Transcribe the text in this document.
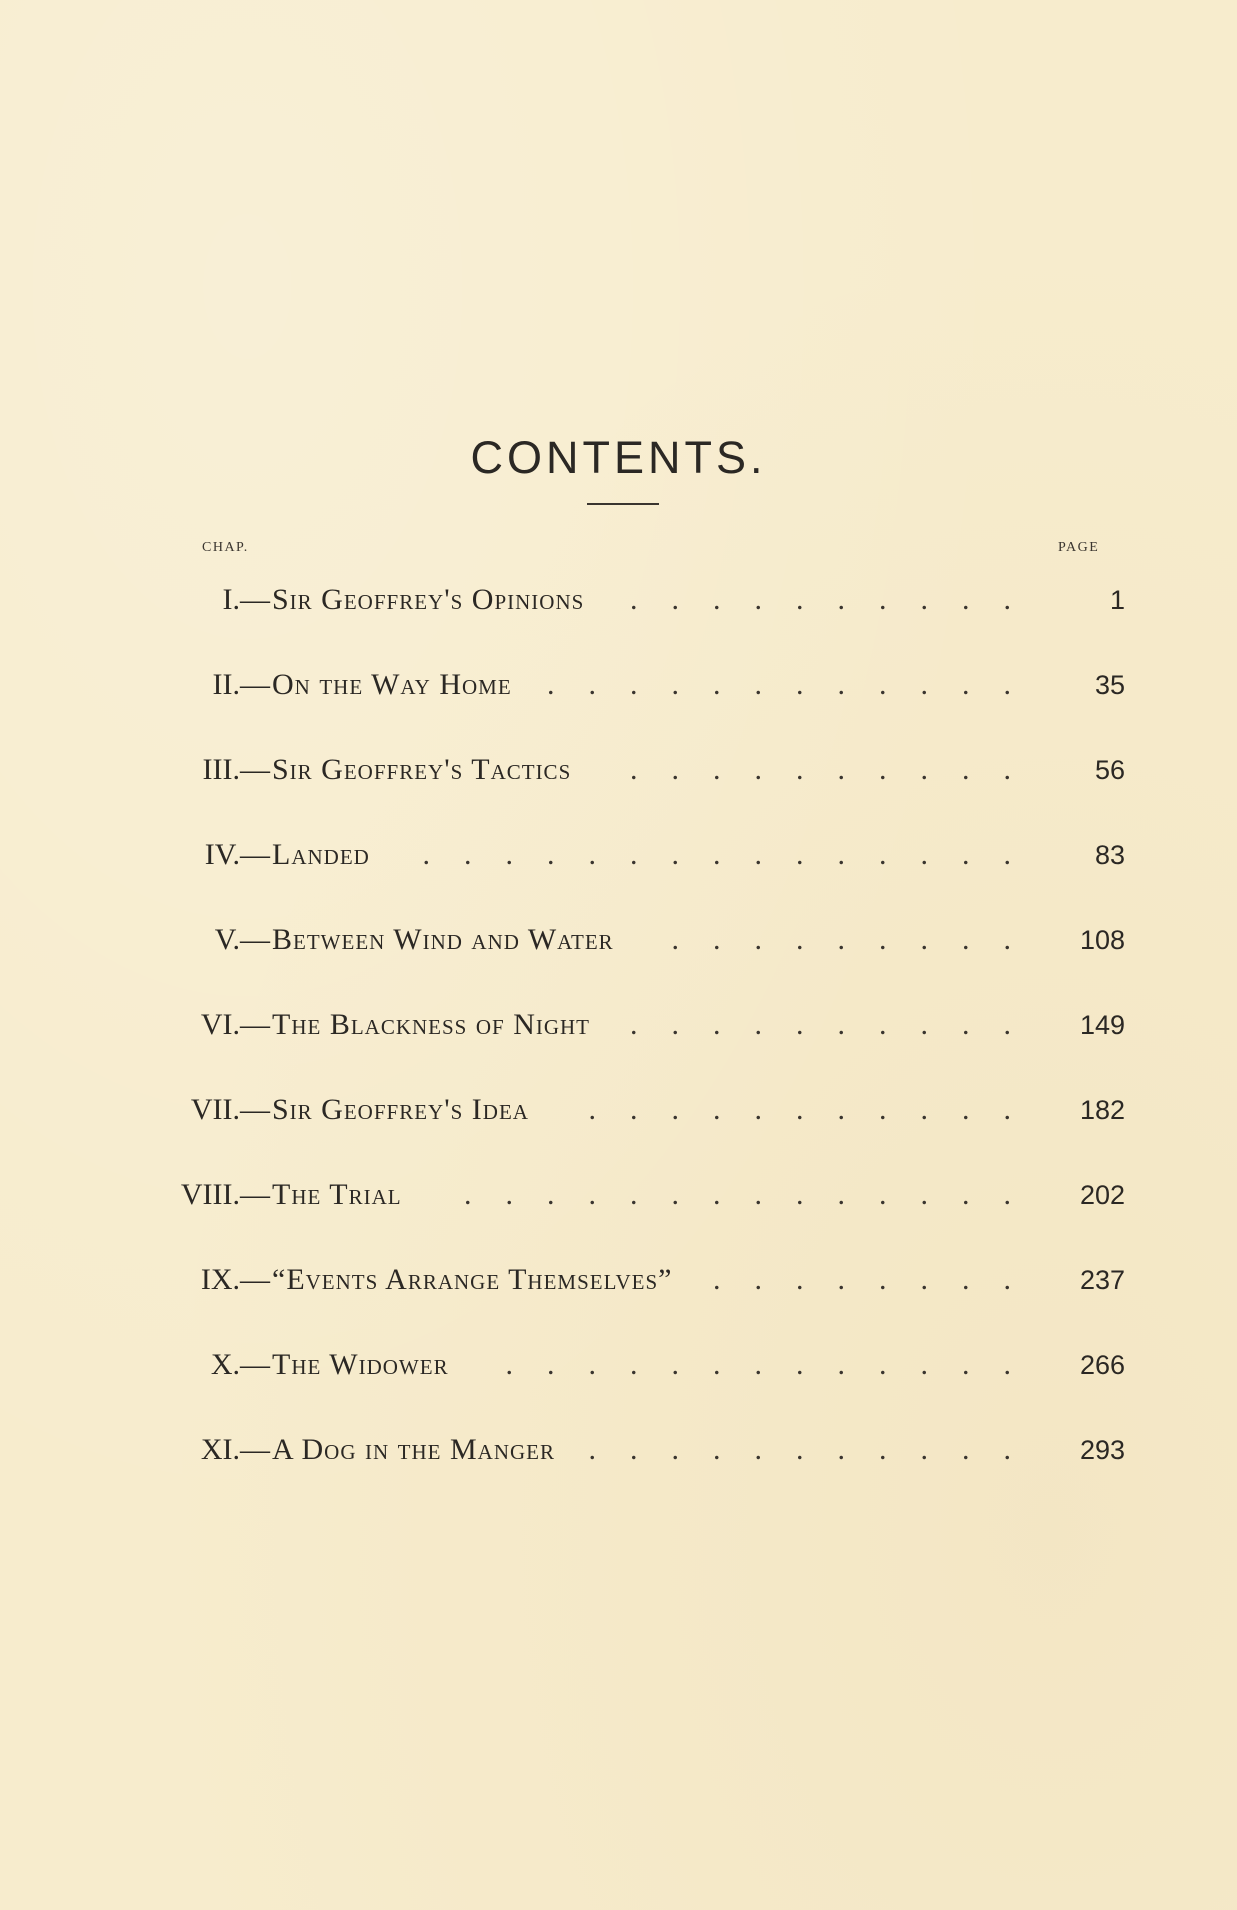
CONTENTS.
CHAP.	PAGE
I.— Sir Geoffrey's Opinions	..........	1
II.— On the Way Home	............	35
III.— Sir Geoffrey's Tactics	..........	56
IV.— Landed	...............	83
V.— Between Wind and Water	.........	108
VI.— The Blackness of Night	..........	149
VII.— Sir Geoffrey's Idea	...........	182
VIII.— The Trial	..............	202
IX.— “Events Arrange Themselves”	........	237
X.— The Widower	.............	266
XI.— A Dog in the Manger	...........	293
